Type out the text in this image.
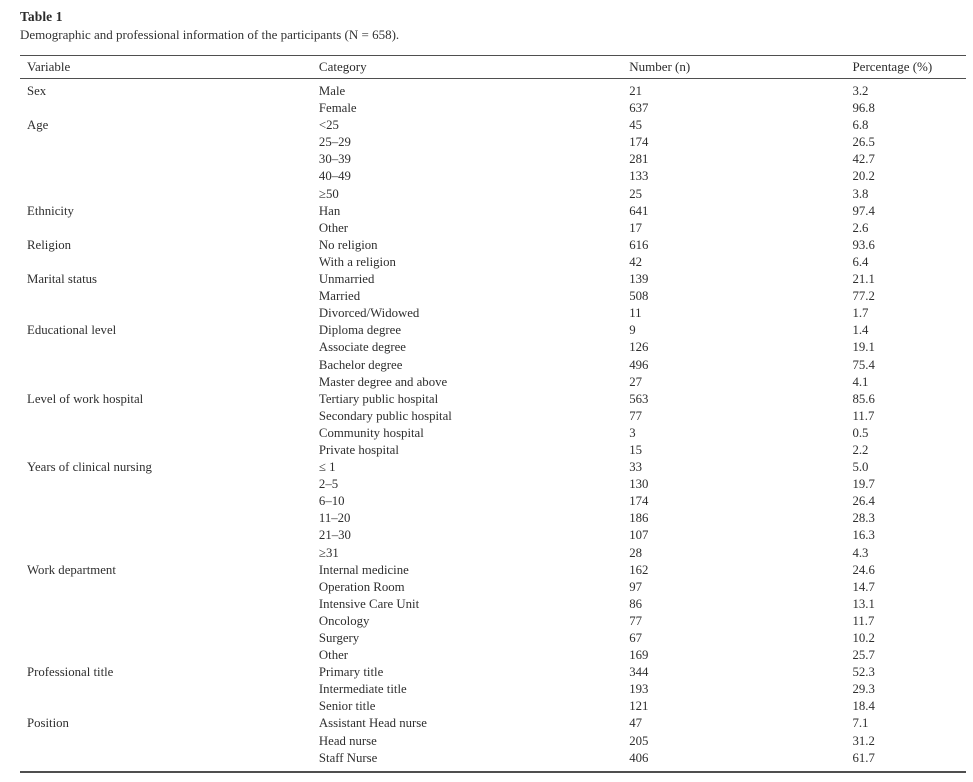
Table 1
Demographic and professional information of the participants (N = 658).
Variable	Category	Number (n)	Percentage (%)
Sex	Male	21	3.2
	Female	637	96.8
Age	<25	45	6.8
	25–29	174	26.5
	30–39	281	42.7
	40–49	133	20.2
	≥50	25	3.8
Ethnicity	Han	641	97.4
	Other	17	2.6
Religion	No religion	616	93.6
	With a religion	42	6.4
Marital status	Unmarried	139	21.1
	Married	508	77.2
	Divorced/Widowed	11	1.7
Educational level	Diploma degree	9	1.4
	Associate degree	126	19.1
	Bachelor degree	496	75.4
	Master degree and above	27	4.1
Level of work hospital	Tertiary public hospital	563	85.6
	Secondary public hospital	77	11.7
	Community hospital	3	0.5
	Private hospital	15	2.2
Years of clinical nursing	≤ 1	33	5.0
	2–5	130	19.7
	6–10	174	26.4
	11–20	186	28.3
	21–30	107	16.3
	≥31	28	4.3
Work department	Internal medicine	162	24.6
	Operation Room	97	14.7
	Intensive Care Unit	86	13.1
	Oncology	77	11.7
	Surgery	67	10.2
	Other	169	25.7
Professional title	Primary title	344	52.3
	Intermediate title	193	29.3
	Senior title	121	18.4
Position	Assistant Head nurse	47	7.1
	Head nurse	205	31.2
	Staff Nurse	406	61.7
